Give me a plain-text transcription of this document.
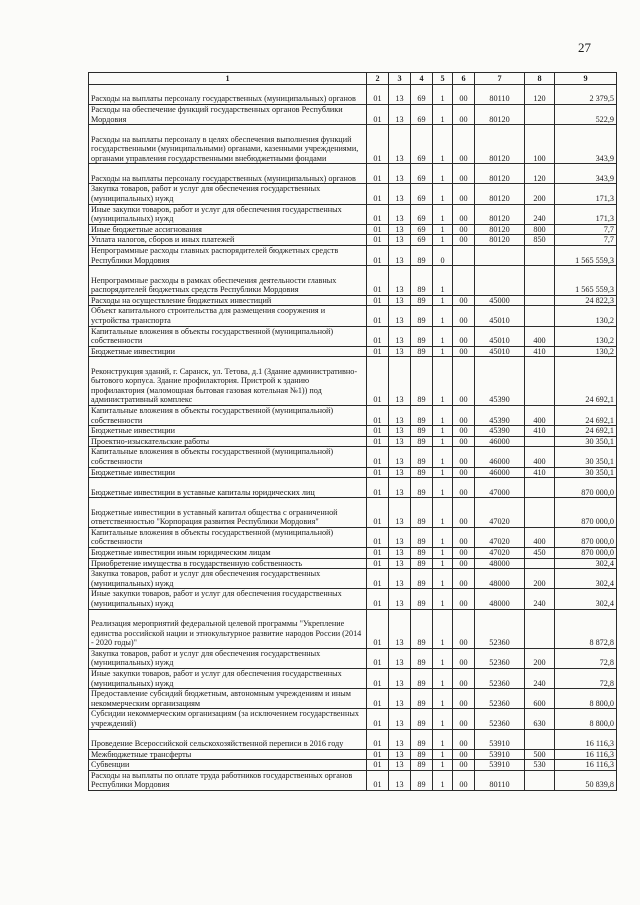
27
1	2	3	4	5	6	7	8	9
Расходы на выплаты персоналу государственных (муниципальных) органов	01	13	69	1	00	80110	120	2 379,5
Расходы на обеспечение функций государственных органов Республики Мордовия	01	13	69	1	00	80120		522,9
Расходы на выплаты персоналу в целях обеспечения выполнения функций государственными (муниципальными) органами, казенными учреждениями, органами управления государственными внебюджетными фондами	01	13	69	1	00	80120	100	343,9
Расходы на выплаты персоналу государственных (муниципальных) органов	01	13	69	1	00	80120	120	343,9
Закупка товаров, работ и услуг для обеспечения государственных (муниципальных) нужд	01	13	69	1	00	80120	200	171,3
Иные закупки товаров, работ и услуг для обеспечения государственных (муниципальных) нужд	01	13	69	1	00	80120	240	171,3
Иные бюджетные ассигнования	01	13	69	1	00	80120	800	7,7
Уплата налогов, сборов и иных платежей	01	13	69	1	00	80120	850	7,7
Непрограммные расходы главных распорядителей бюджетных средств Республики Мордовия	01	13	89	0				1 565 559,3
Непрограммные расходы в рамках обеспечения деятельности главных распорядителей бюджетных средств Республики Мордовия	01	13	89	1				1 565 559,3
Расходы на осуществление бюджетных инвестиций	01	13	89	1	00	45000		24 822,3
Объект капитального строительства для размещения сооружения и устройства транспорта	01	13	89	1	00	45010		130,2
Капитальные вложения в объекты государственной (муниципальной) собственности	01	13	89	1	00	45010	400	130,2
Бюджетные инвестиции	01	13	89	1	00	45010	410	130,2
Реконструкция зданий, г. Саранск, ул. Тетова, д.1 (Здание административно-бытового корпуса. Здание профилактория. Пристрой к зданию профилактория (маломощная бытовая газовая котельная №1)) под административный комплекс	01	13	89	1	00	45390		24 692,1
Капитальные вложения в объекты государственной (муниципальной) собственности	01	13	89	1	00	45390	400	24 692,1
Бюджетные инвестиции	01	13	89	1	00	45390	410	24 692,1
Проектно-изыскательские работы	01	13	89	1	00	46000		30 350,1
Капитальные вложения в объекты государственной (муниципальной) собственности	01	13	89	1	00	46000	400	30 350,1
Бюджетные инвестиции	01	13	89	1	00	46000	410	30 350,1
Бюджетные инвестиции в уставные капиталы юридических лиц	01	13	89	1	00	47000		870 000,0
Бюджетные инвестиции в уставный капитал общества с ограниченной ответственностью "Корпорация развития Республики Мордовия"	01	13	89	1	00	47020		870 000,0
Капитальные вложения в объекты государственной (муниципальной) собственности	01	13	89	1	00	47020	400	870 000,0
Бюджетные инвестиции иным юридическим лицам	01	13	89	1	00	47020	450	870 000,0
Приобретение имущества в государственную собственность	01	13	89	1	00	48000		302,4
Закупка товаров, работ и услуг для обеспечения государственных (муниципальных) нужд	01	13	89	1	00	48000	200	302,4
Иные закупки товаров, работ и услуг для обеспечения государственных (муниципальных) нужд	01	13	89	1	00	48000	240	302,4
Реализация мероприятий федеральной целевой программы "Укрепление единства российской нации и этнокультурное развитие народов России (2014 - 2020 годы)"	01	13	89	1	00	52360		8 872,8
Закупка товаров, работ и услуг для обеспечения государственных (муниципальных) нужд	01	13	89	1	00	52360	200	72,8
Иные закупки товаров, работ и услуг для обеспечения государственных (муниципальных) нужд	01	13	89	1	00	52360	240	72,8
Предоставление субсидий бюджетным, автономным учреждениям и иным некоммерческим организациям	01	13	89	1	00	52360	600	8 800,0
Субсидии некоммерческим организациям (за исключением государственных учреждений)	01	13	89	1	00	52360	630	8 800,0
Проведение Всероссийской сельскохозяйственной переписи в 2016 году	01	13	89	1	00	53910		16 116,3
Межбюджетные трансферты	01	13	89	1	00	53910	500	16 116,3
Субвенции	01	13	89	1	00	53910	530	16 116,3
Расходы на выплаты по оплате труда работников государственных органов Республики Мордовия	01	13	89	1	00	80110		50 839,8
